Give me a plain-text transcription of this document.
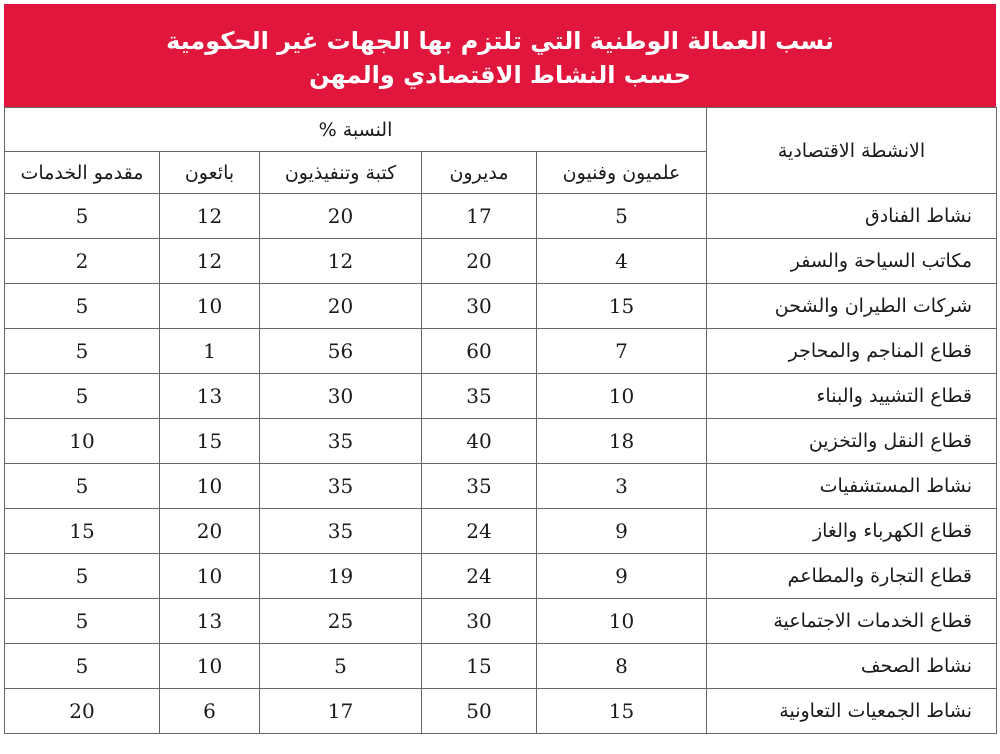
نسب العمالة الوطنية التي تلتزم بها الجهات غير الحكومية
حسب النشاط الاقتصادي والمهن
الانشطة الاقتصادية	النسبة %				
	علميون وفنيون	مديرون	كتبة وتنفيذيون	بائعون	مقدمو الخدمات
نشاط الفنادق	5	17	20	12	5
مكاتب السياحة والسفر	4	20	12	12	2
شركات الطيران والشحن	15	30	20	10	5
قطاع المناجم والمحاجر	7	60	56	1	5
قطاع التشييد والبناء	10	35	30	13	5
قطاع النقل والتخزين	18	40	35	15	10
نشاط المستشفيات	3	35	35	10	5
قطاع الكهرباء والغاز	9	24	35	20	15
قطاع التجارة والمطاعم	9	24	19	10	5
قطاع الخدمات الاجتماعية	10	30	25	13	5
نشاط الصحف	8	15	5	10	5
نشاط الجمعيات التعاونية	15	50	17	6	20
